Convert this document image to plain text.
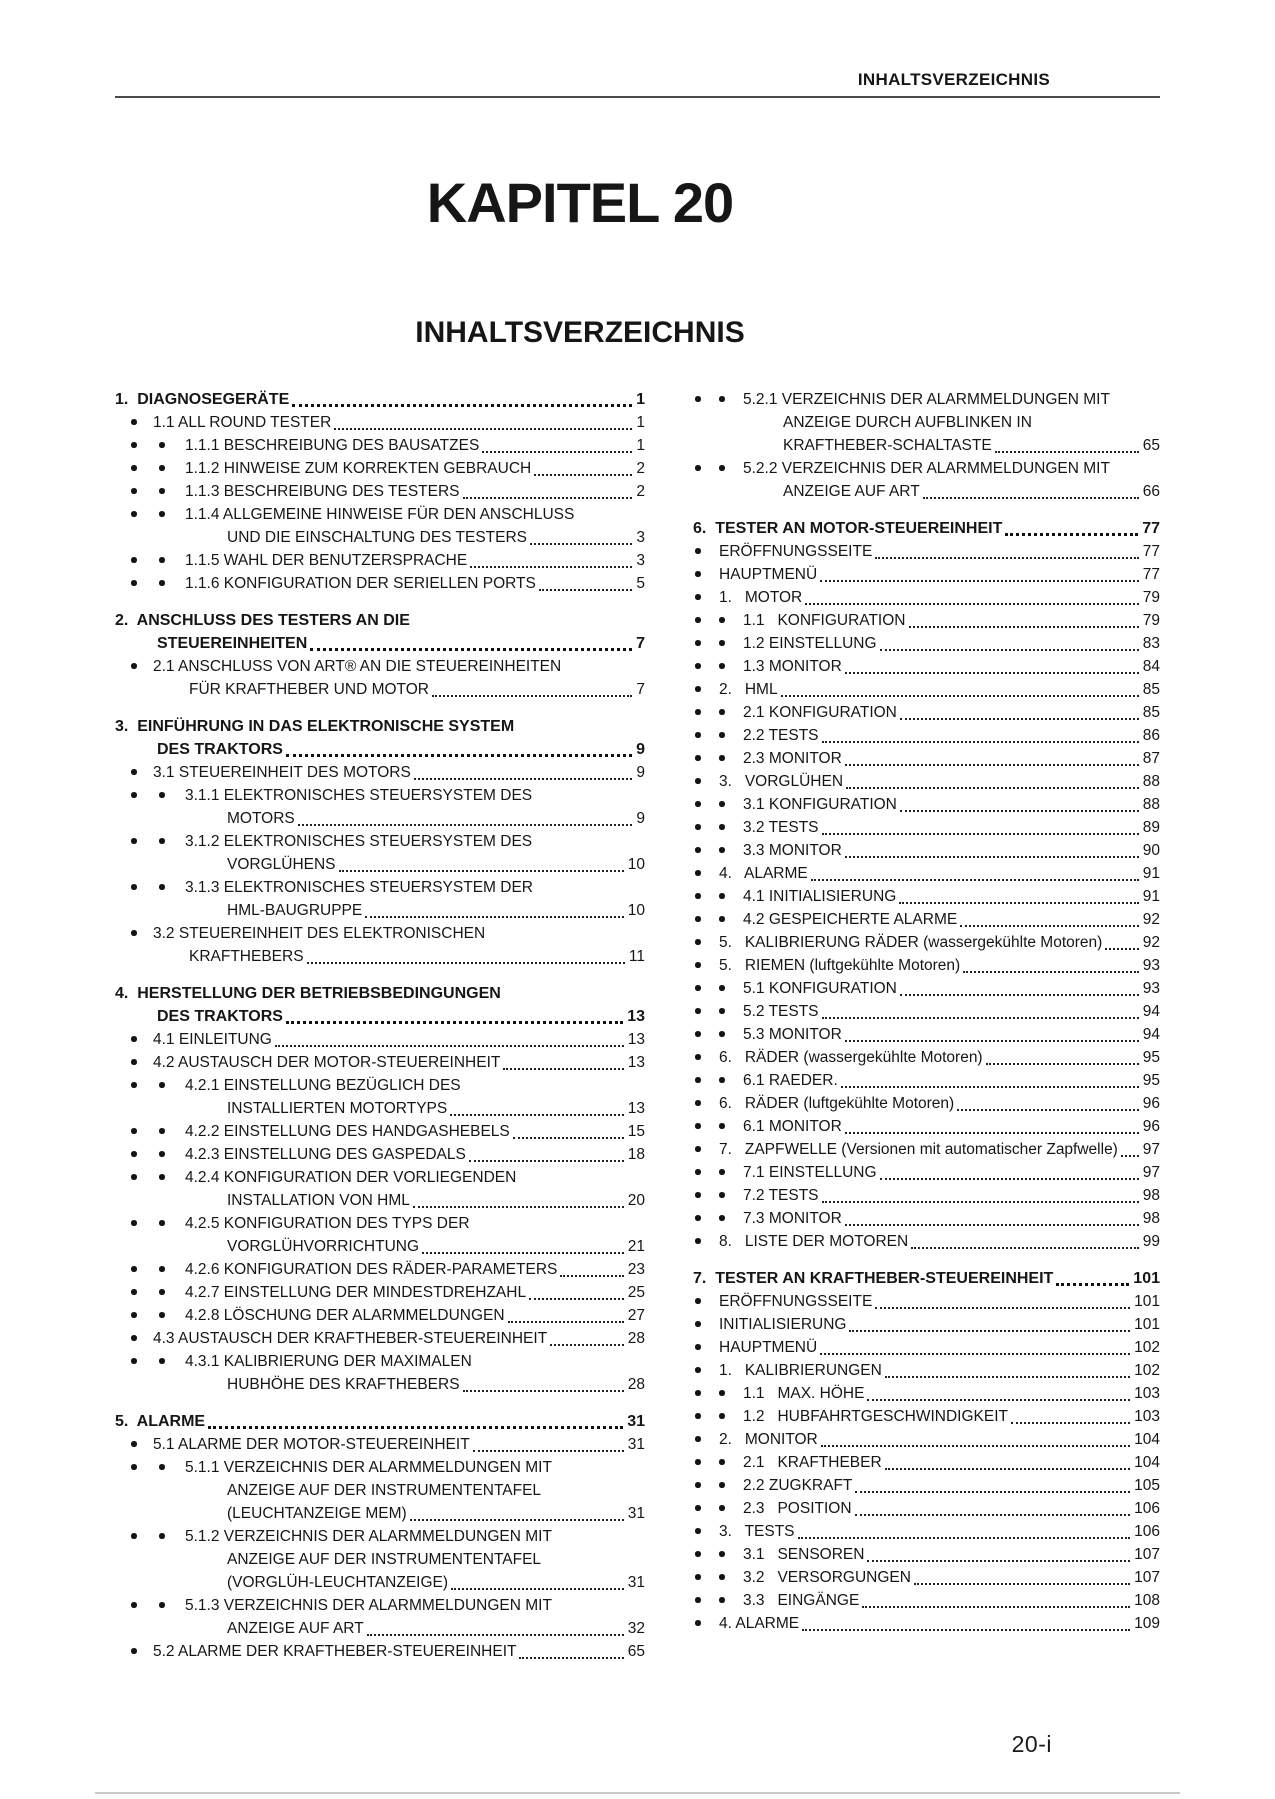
INHALTSVERZEICHNIS
KAPITEL 20
INHALTSVERZEICHNIS
1.  DIAGNOSEGERÄTE	1
1.1 ALL ROUND TESTER	1
1.1.1 BESCHREIBUNG DES BAUSATZES	1
1.1.2 HINWEISE ZUM KORREKTEN GEBRAUCH	2
1.1.3 BESCHREIBUNG DES TESTERS	2
1.1.4 ALLGEMEINE HINWEISE FÜR DEN ANSCHLUSS
UND DIE EINSCHALTUNG DES TESTERS	3
1.1.5 WAHL DER BENUTZERSPRACHE	3
1.1.6 KONFIGURATION DER SERIELLEN PORTS	5
2.  ANSCHLUSS DES TESTERS AN DIE
STEUEREINHEITEN	7
2.1 ANSCHLUSS VON ART® AN DIE STEUEREINHEITEN
FÜR KRAFTHEBER UND MOTOR	7
3.  EINFÜHRUNG IN DAS ELEKTRONISCHE SYSTEM
DES TRAKTORS	9
3.1 STEUEREINHEIT DES MOTORS	9
3.1.1 ELEKTRONISCHES STEUERSYSTEM DES
MOTORS	9
3.1.2 ELEKTRONISCHES STEUERSYSTEM DES
VORGLÜHENS	10
3.1.3 ELEKTRONISCHES STEUERSYSTEM DER
HML-BAUGRUPPE	10
3.2 STEUEREINHEIT DES ELEKTRONISCHEN
KRAFTHEBERS	11
4.  HERSTELLUNG DER BETRIEBSBEDINGUNGEN
DES TRAKTORS	13
4.1 EINLEITUNG	13
4.2 AUSTAUSCH DER MOTOR-STEUEREINHEIT	13
4.2.1 EINSTELLUNG BEZÜGLICH DES
INSTALLIERTEN MOTORTYPS	13
4.2.2 EINSTELLUNG DES HANDGASHEBELS	15
4.2.3 EINSTELLUNG DES GASPEDALS	18
4.2.4 KONFIGURATION DER VORLIEGENDEN
INSTALLATION VON HML	20
4.2.5 KONFIGURATION DES TYPS DER
VORGLÜHVORRICHTUNG	21
4.2.6 KONFIGURATION DES RÄDER-PARAMETERS	23
4.2.7 EINSTELLUNG DER MINDESTDREHZAHL	25
4.2.8 LÖSCHUNG DER ALARMMELDUNGEN	27
4.3 AUSTAUSCH DER KRAFTHEBER-STEUEREINHEIT	28
4.3.1 KALIBRIERUNG DER MAXIMALEN
HUBHÖHE DES KRAFTHEBERS	28
5.  ALARME	31
5.1 ALARME DER MOTOR-STEUEREINHEIT	31
5.1.1 VERZEICHNIS DER ALARMMELDUNGEN MIT
ANZEIGE AUF DER INSTRUMENTENTAFEL
(LEUCHTANZEIGE MEM)	31
5.1.2 VERZEICHNIS DER ALARMMELDUNGEN MIT
ANZEIGE AUF DER INSTRUMENTENTAFEL
(VORGLÜH-LEUCHTANZEIGE)	31
5.1.3 VERZEICHNIS DER ALARMMELDUNGEN MIT
ANZEIGE AUF ART	32
5.2 ALARME DER KRAFTHEBER-STEUEREINHEIT	65
5.2.1 VERZEICHNIS DER ALARMMELDUNGEN MIT
ANZEIGE DURCH AUFBLINKEN IN
KRAFTHEBER-SCHALTASTE	65
5.2.2 VERZEICHNIS DER ALARMMELDUNGEN MIT
ANZEIGE AUF ART	66
6.  TESTER AN MOTOR-STEUEREINHEIT	77
ERÖFFNUNGSSEITE	77
HAUPTMENÜ	77
1.   MOTOR	79
1.1   KONFIGURATION	79
1.2 EINSTELLUNG	83
1.3 MONITOR	84
2.   HML	85
2.1 KONFIGURATION	85
2.2 TESTS	86
2.3 MONITOR	87
3.   VORGLÜHEN	88
3.1 KONFIGURATION	88
3.2 TESTS	89
3.3 MONITOR	90
4.   ALARME	91
4.1 INITIALISIERUNG	91
4.2 GESPEICHERTE ALARME	92
5.   KALIBRIERUNG RÄDER (wassergekühlte Motoren)	92
5.   RIEMEN (luftgekühlte Motoren)	93
5.1 KONFIGURATION	93
5.2 TESTS	94
5.3 MONITOR	94
6.   RÄDER (wassergekühlte Motoren)	95
6.1 RAEDER.	95
6.   RÄDER (luftgekühlte Motoren)	96
6.1 MONITOR	96
7.   ZAPFWELLE (Versionen mit automatischer Zapfwelle) 97
7.1 EINSTELLUNG	97
7.2 TESTS	98
7.3 MONITOR	98
8.   LISTE DER MOTOREN	99
7.  TESTER AN KRAFTHEBER-STEUEREINHEIT	101
ERÖFFNUNGSSEITE	101
INITIALISIERUNG	101
HAUPTMENÜ	102
1.   KALIBRIERUNGEN	102
1.1   MAX. HÖHE	103
1.2   HUBFAHRTGESCHWINDIGKEIT	103
2.   MONITOR	104
2.1   KRAFTHEBER	104
2.2 ZUGKRAFT	105
2.3   POSITION	106
3.   TESTS	106
3.1   SENSOREN	107
3.2   VERSORGUNGEN	107
3.3   EINGÄNGE	108
4. ALARME	109
20-i
